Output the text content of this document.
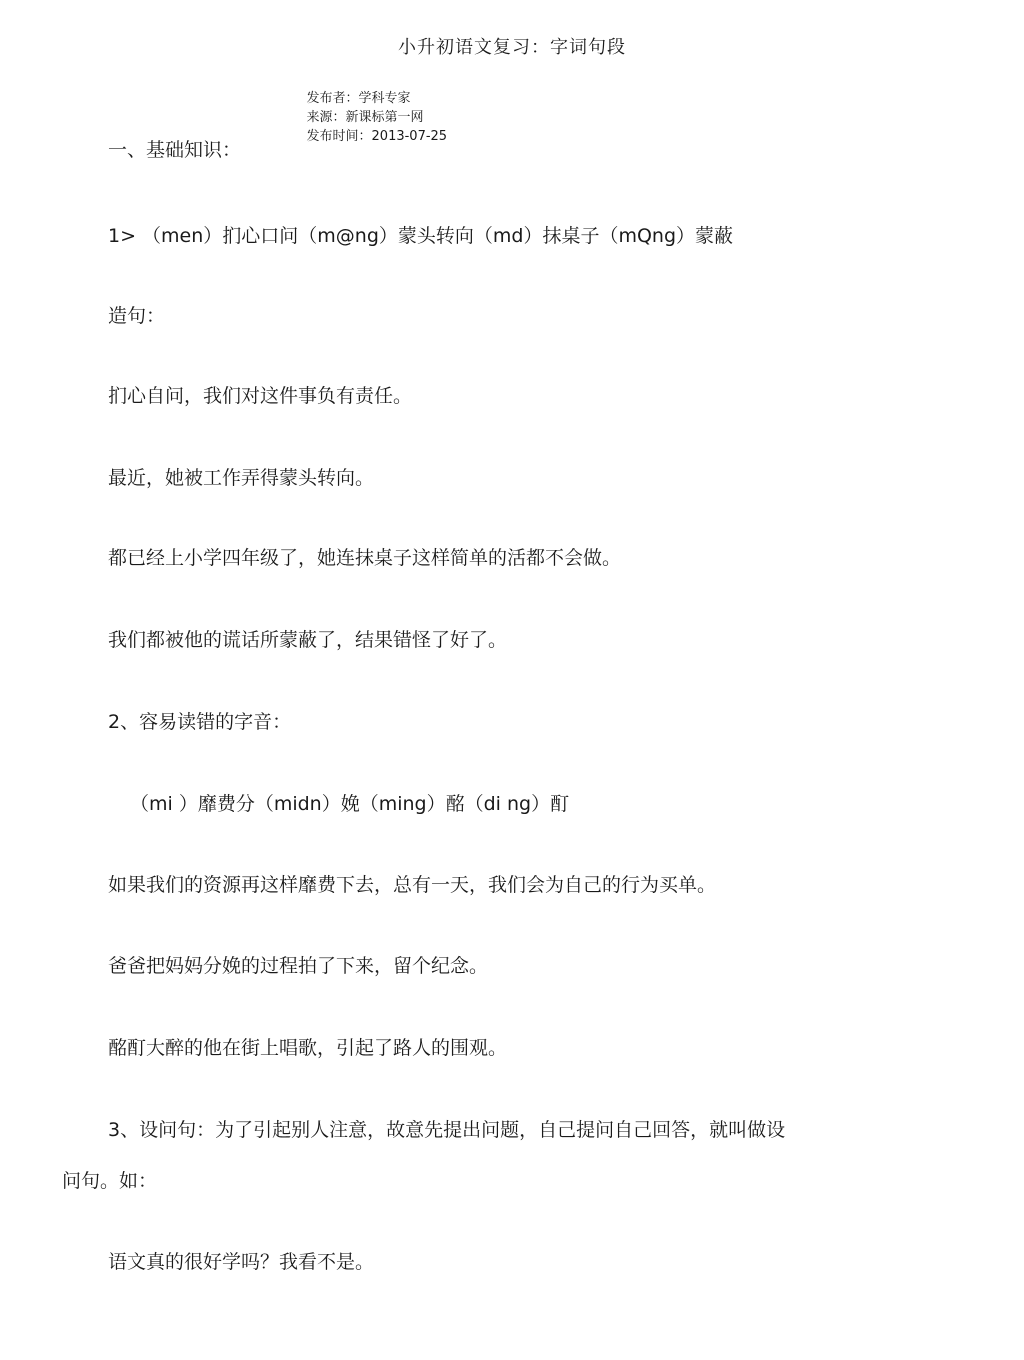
小升初语文复习：字词句段

发布者：学科专家
来源：新课标第一网
发布时间：2013-07-25

一、基础知识：
1> （men）扪心口问（m@ng）蒙头转向（md）抹桌子（mQng）蒙蔽
造句：
扪心自问，我们对这件事负有责任。
最近，她被工作弄得蒙头转向。
都已经上小学四年级了，她连抹桌子这样简单的活都不会做。
我们都被他的谎话所蒙蔽了，结果错怪了好了。
2、容易读错的字音：
（mi ）靡费分（midn）娩（ming）酩（di ng）酊
如果我们的资源再这样靡费下去，总有一天，我们会为自己的行为买单。
爸爸把妈妈分娩的过程拍了下来，留个纪念。
酩酊大醉的他在街上唱歌，引起了路人的围观。
3、设问句：为了引起别人注意，故意先提出问题，自己提问自己回答，就叫做设
问句。如：
语文真的很好学吗？我看不是。
